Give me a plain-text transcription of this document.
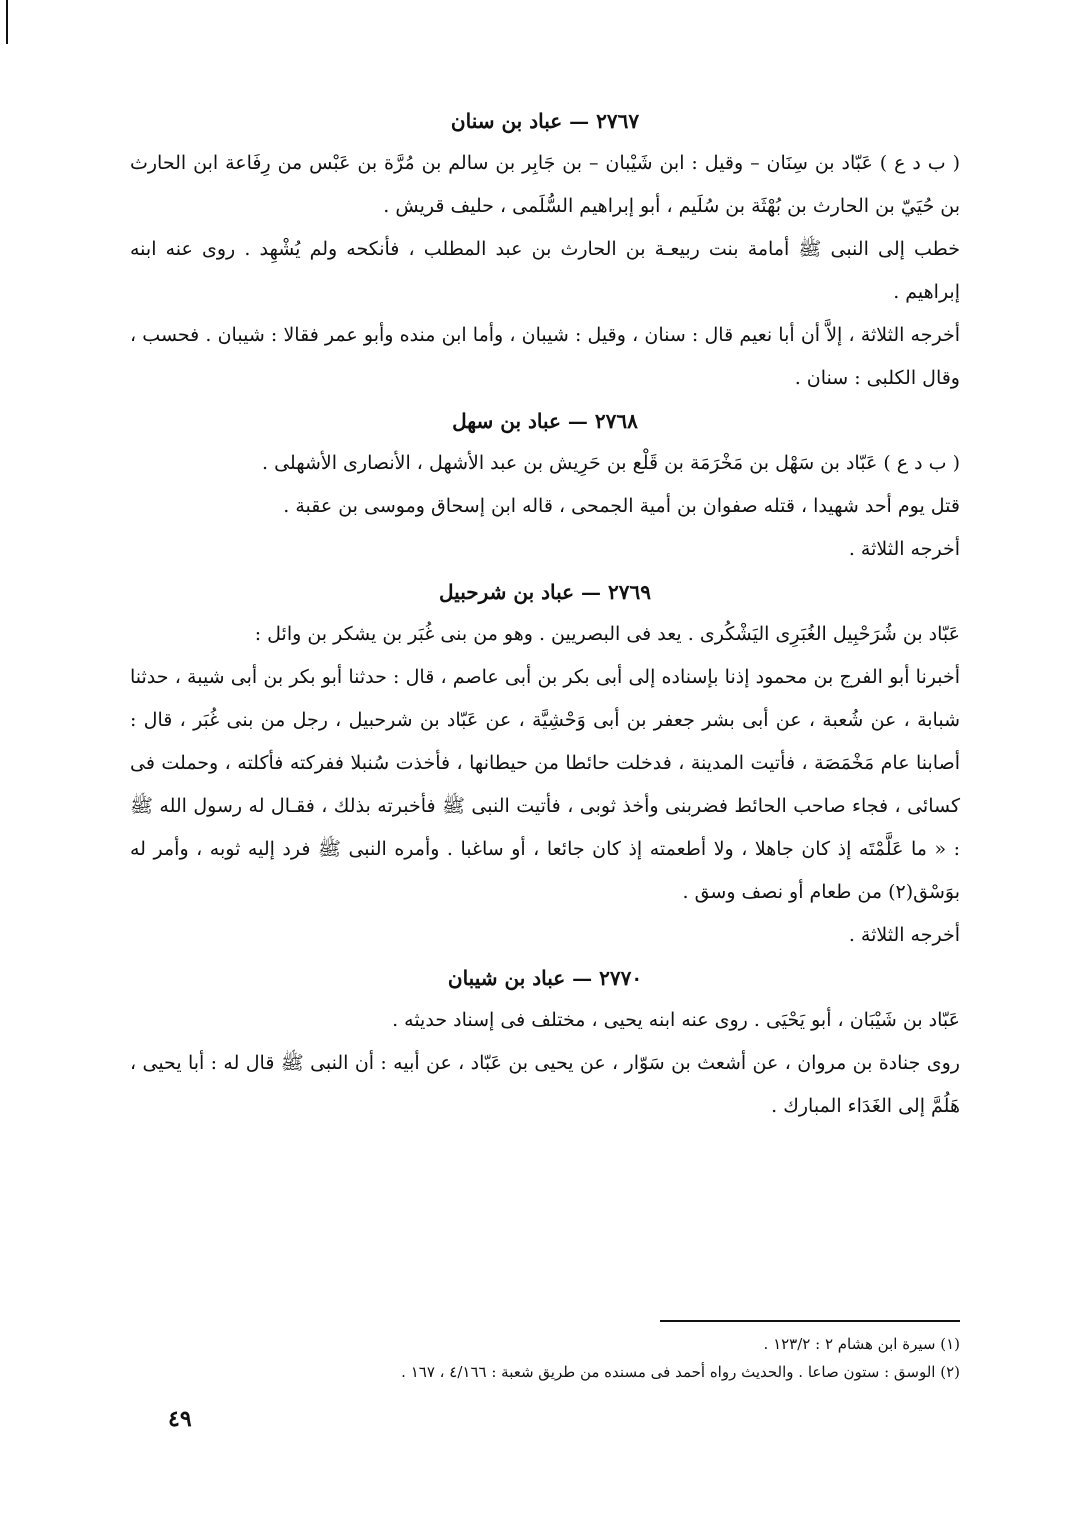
٢٧٦٧ — عباد بن سنان

( ب د ع ) عَبّاد بن سِنَان – وقيل : ابن شَيْبان – بن جَابِر بن سالم بن مُرَّة بن عَبْس من رِفَاعة ابن الحارث بن حُيَيّ بن الحارث بن بُهْثَة بن سُلَيم ، أبو إبراهيم السُّلَمى ، حليف قريش .

خطب إلى النبى ﷺ أمامة بنت ربيعـة بن الحارث بن عبد المطلب ، فأنكحه ولم يُشْهِد . روى عنه ابنه إبراهيم .

أخرجه الثلاثة ، إلاَّ أن أبا نعيم قال : سنان ، وقيل : شيبان ، وأما ابن منده وأبو عمر فقالا : شيبان . فحسب ، وقال الكلبى : سنان .

٢٧٦٨ — عباد بن سهل

( ب د ع ) عَبّاد بن سَهْل بن مَخْرَمَة بن قَلْع بن حَرِيش بن عبد الأشهل ، الأنصارى الأشهلى .

قتل يوم أحد شهيدا ، قتله صفوان بن أمية الجمحى ، قاله ابن إسحاق وموسى بن عقبة .

أخرجه الثلاثة .

٢٧٦٩ — عباد بن شرحبيل

عَبّاد بن شُرَحْبِيل الغُبَرِى اليَشْكُرى . يعد فى البصريين . وهو من بنى غُبَر بن يشكر بن وائل :

أخبرنا أبو الفرج بن محمود إذنا بإسناده إلى أبى بكر بن أبى عاصم ، قال : حدثنا أبو بكر بن أبى شيبة ، حدثنا شبابة ، عن شُعبة ، عن أبى بشر جعفر بن أبى وَحْشِيَّة ، عن عَبّاد بن شرحبيل ، رجل من بنى غُبَر ، قال : أصابنا عام مَخْمَصَة ، فأتيت المدينة ، فدخلت حائطا من حيطانها ، فأخذت سُنبلا ففركته فأكلته ، وحملت فى كسائى ، فجاء صاحب الحائط فضربنى وأخذ ثوبى ، فأتيت النبى ﷺ فأخبرته بذلك ، فقـال له رسول الله ﷺ : « ما عَلَّمْتَه إذ كان جاهلا ، ولا أطعمته إذ كان جائعا ، أو ساغبا . وأمره النبى ﷺ فرد إليه ثوبه ، وأمر له بوَسْق(٢) من طعام أو نصف وسق .

أخرجه الثلاثة .

٢٧٧٠ — عباد بن شيبان

عَبّاد بن شَيْبَان ، أبو يَحْيَى . روى عنه ابنه يحيى ، مختلف فى إسناد حديثه .

روى جنادة بن مروان ، عن أشعث بن سَوّار ، عن يحيى بن عَبّاد ، عن أبيه : أن النبى ﷺ قال له : أبا يحيى ، هَلُمَّ إلى الغَدَاء المبارك .

(١) سيرة ابن هشام ٢ : ١٢٣/٢ .

(٢) الوسق : ستون صاعا . والحديث رواه أحمد فى مسنده من طريق شعبة : ٤/١٦٦ ، ١٦٧ .

٤٩
